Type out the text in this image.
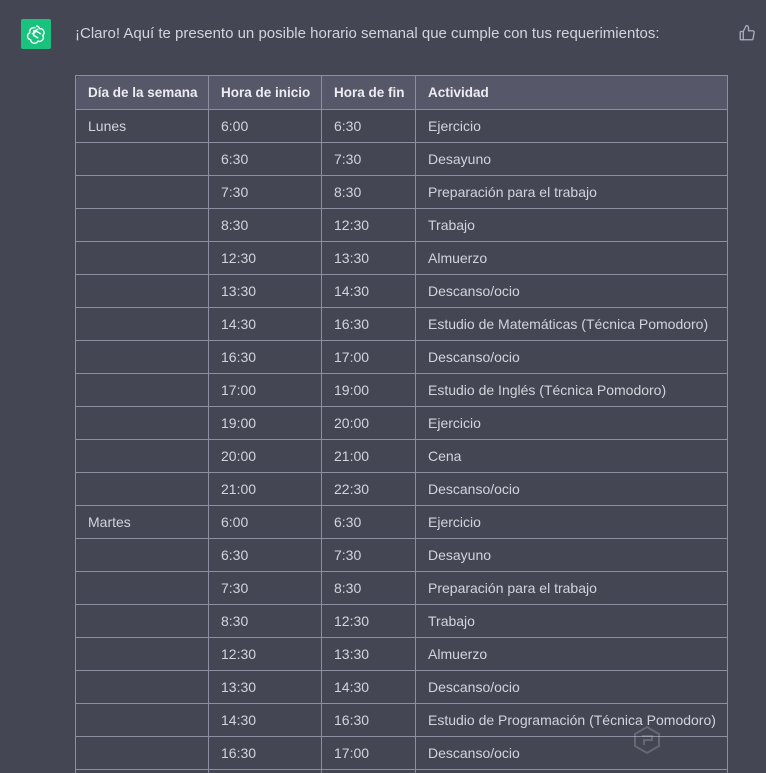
¡Claro! Aquí te presento un posible horario semanal que cumple con tus requerimientos:
Día de la semana	Hora de inicio	Hora de fin	Actividad
Lunes	6:00	6:30	Ejercicio
	6:30	7:30	Desayuno
	7:30	8:30	Preparación para el trabajo
	8:30	12:30	Trabajo
	12:30	13:30	Almuerzo
	13:30	14:30	Descanso/ocio
	14:30	16:30	Estudio de Matemáticas (Técnica Pomodoro)
	16:30	17:00	Descanso/ocio
	17:00	19:00	Estudio de Inglés (Técnica Pomodoro)
	19:00	20:00	Ejercicio
	20:00	21:00	Cena
	21:00	22:30	Descanso/ocio
Martes	6:00	6:30	Ejercicio
	6:30	7:30	Desayuno
	7:30	8:30	Preparación para el trabajo
	8:30	12:30	Trabajo
	12:30	13:30	Almuerzo
	13:30	14:30	Descanso/ocio
	14:30	16:30	Estudio de Programación (Técnica Pomodoro)
	16:30	17:00	Descanso/ocio
